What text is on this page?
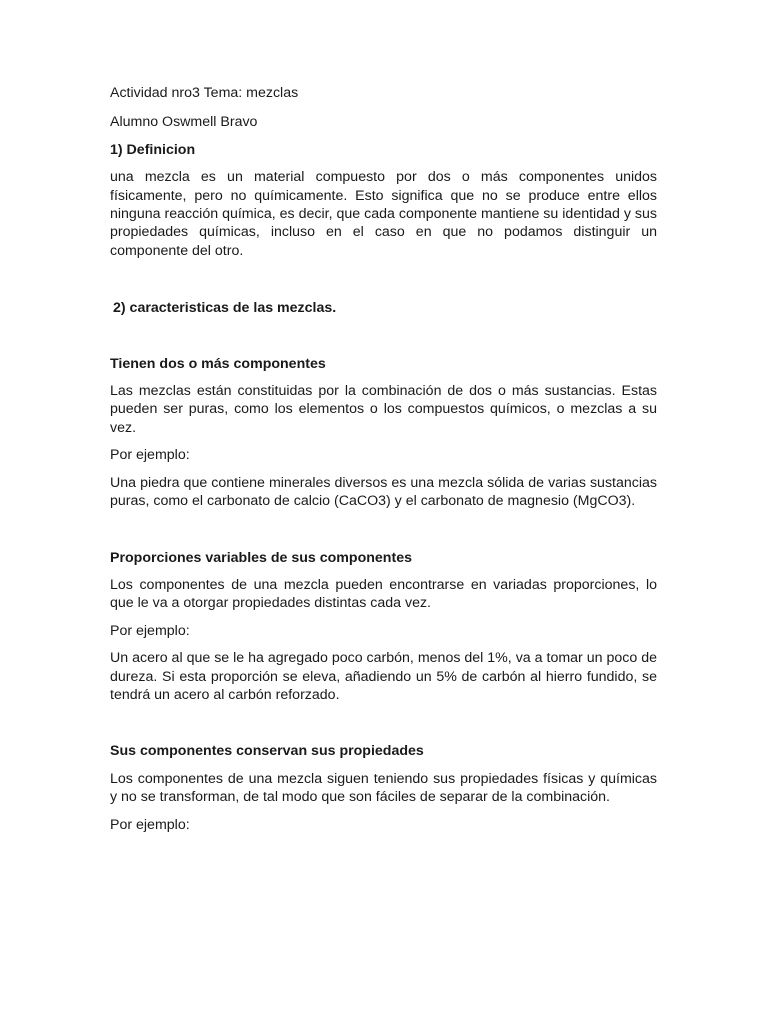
Actividad nro3 Tema: mezclas

Alumno Oswmell Bravo

1) Definicion

una mezcla es un material compuesto por dos o más componentes unidos físicamente, pero no químicamente. Esto significa que no se produce entre ellos ninguna reacción química, es decir, que cada componente mantiene su identidad y sus propiedades químicas, incluso en el caso en que no podamos distinguir un componente del otro.

2) caracteristicas de las mezclas.

Tienen dos o más componentes

Las mezclas están constituidas por la combinación de dos o más sustancias. Estas pueden ser puras, como los elementos o los compuestos químicos, o mezclas a su vez.

Por ejemplo:

Una piedra que contiene minerales diversos es una mezcla sólida de varias sustancias puras, como el carbonato de calcio (CaCO3) y el carbonato de magnesio (MgCO3).

Proporciones variables de sus componentes

Los componentes de una mezcla pueden encontrarse en variadas proporciones, lo que le va a otorgar propiedades distintas cada vez.

Por ejemplo:

Un acero al que se le ha agregado poco carbón, menos del 1%, va a tomar un poco de dureza. Si esta proporción se eleva, añadiendo un 5% de carbón al hierro fundido, se tendrá un acero al carbón reforzado.

Sus componentes conservan sus propiedades

Los componentes de una mezcla siguen teniendo sus propiedades físicas y químicas y no se transforman, de tal modo que son fáciles de separar de la combinación.

Por ejemplo:
